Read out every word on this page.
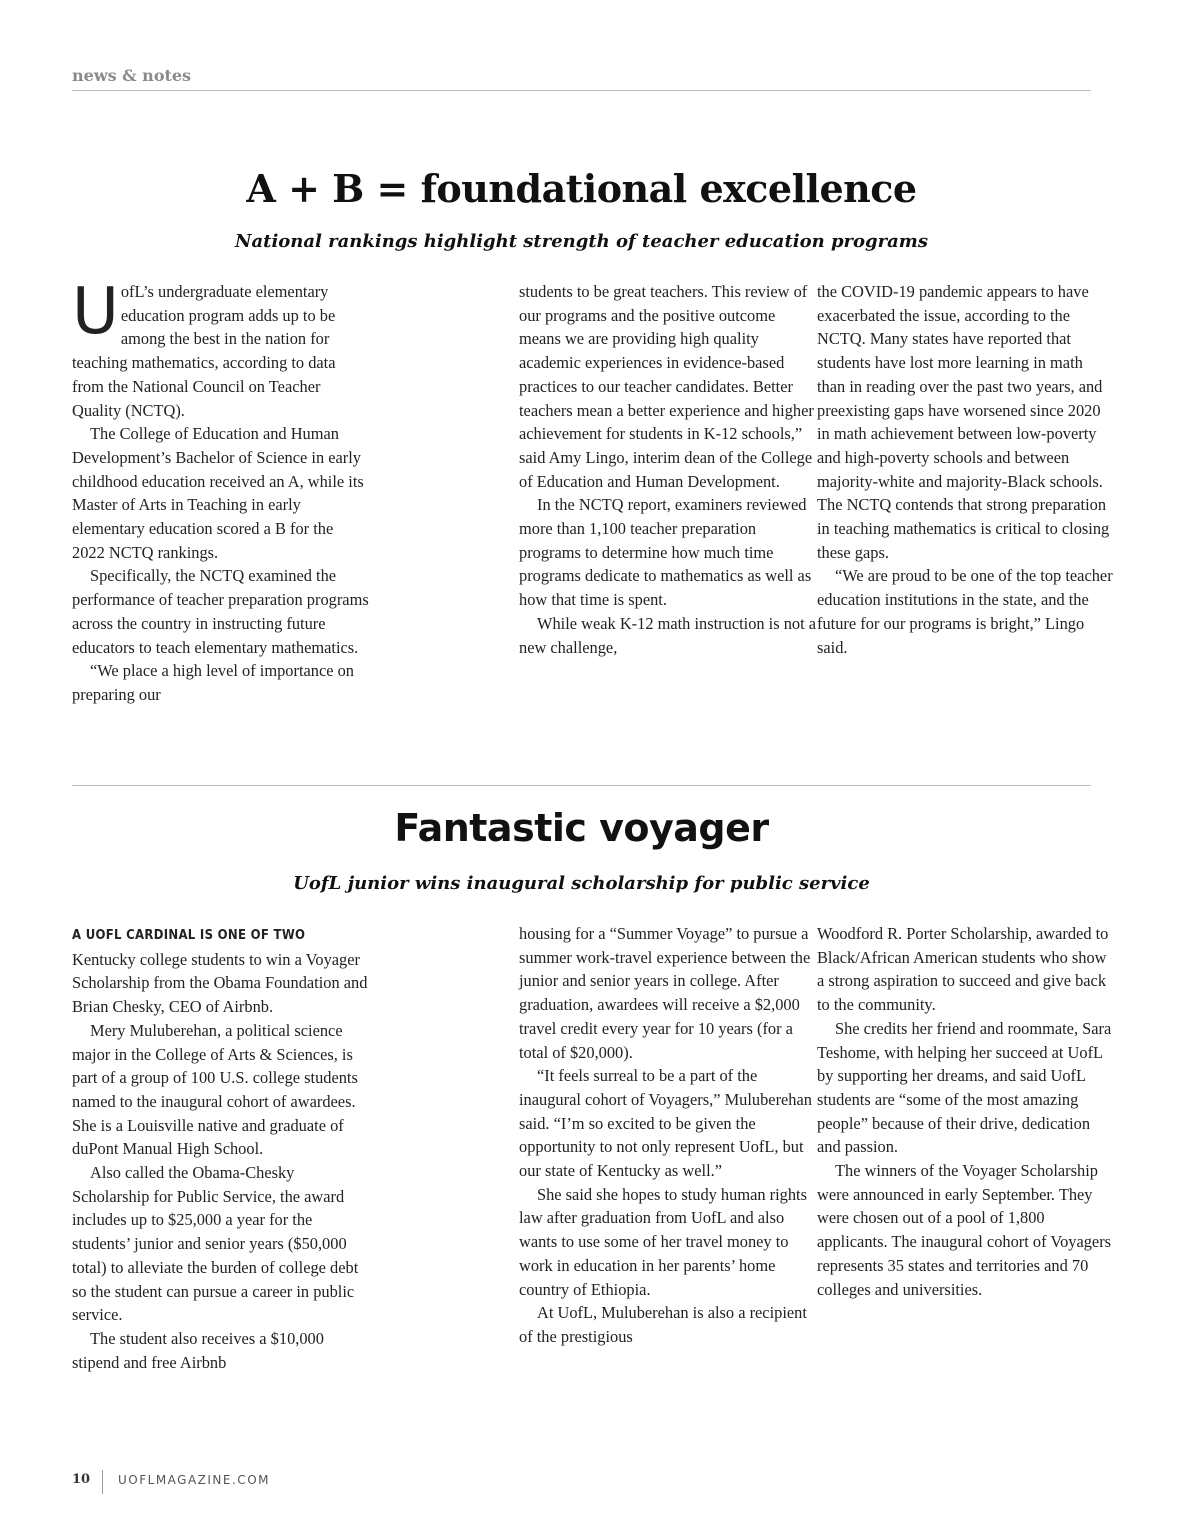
news & notes
A + B = foundational excellence
National rankings highlight strength of teacher education programs

UofL’s undergraduate elementary education program adds up to be among the best in the nation for teaching mathematics, according to data from the National Council on Teacher Quality (NCTQ).

The College of Education and Human Development’s Bachelor of Science in early childhood education received an A, while its Master of Arts in Teaching in early elementary education scored a B for the 2022 NCTQ rankings.

Specifically, the NCTQ examined the performance of teacher preparation programs across the country in instructing future educators to teach elementary mathematics.

“We place a high level of importance on preparing our

students to be great teachers. This review of our programs and the positive outcome means we are providing high quality academic experiences in evidence-based practices to our teacher candidates. Better teachers mean a better experience and higher achievement for students in K-12 schools,” said Amy Lingo, interim dean of the College of Education and Human Development.

In the NCTQ report, examiners reviewed more than 1,100 teacher preparation programs to determine how much time programs dedicate to mathematics as well as how that time is spent.

While weak K-12 math instruction is not a new challenge,

the COVID-19 pandemic appears to have exacerbated the issue, according to the NCTQ. Many states have reported that students have lost more learning in math than in reading over the past two years, and preexisting gaps have worsened since 2020 in math achievement between low-poverty and high-poverty schools and between majority-white and majority-Black schools. The NCTQ contends that strong preparation in teaching mathematics is critical to closing these gaps.

“We are proud to be one of the top teacher education institutions in the state, and the future for our programs is bright,” Lingo said.

Fantastic voyager
UofL junior wins inaugural scholarship for public service

A UOFL CARDINAL IS ONE OF TWO
Kentucky college students to win a Voyager Scholarship from the Obama Foundation and Brian Chesky, CEO of Airbnb.

Mery Muluberehan, a political science major in the College of Arts & Sciences, is part of a group of 100 U.S. college students named to the inaugural cohort of awardees. She is a Louisville native and graduate of duPont Manual High School.

Also called the Obama-Chesky Scholarship for Public Service, the award includes up to $25,000 a year for the students’ junior and senior years ($50,000 total) to alleviate the burden of college debt so the student can pursue a career in public service.

The student also receives a $10,000 stipend and free Airbnb

housing for a “Summer Voyage” to pursue a summer work-travel experience between the junior and senior years in college. After graduation, awardees will receive a $2,000 travel credit every year for 10 years (for a total of $20,000).

“It feels surreal to be a part of the inaugural cohort of Voyagers,” Muluberehan said. “I’m so excited to be given the opportunity to not only represent UofL, but our state of Kentucky as well.”

She said she hopes to study human rights law after graduation from UofL and also wants to use some of her travel money to work in education in her parents’ home country of Ethiopia.

At UofL, Muluberehan is also a recipient of the prestigious

Woodford R. Porter Scholarship, awarded to Black/African American students who show a strong aspiration to succeed and give back to the community.

She credits her friend and roommate, Sara Teshome, with helping her succeed at UofL by supporting her dreams, and said UofL students are “some of the most amazing people” because of their drive, dedication and passion.

The winners of the Voyager Scholarship were announced in early September. They were chosen out of a pool of 1,800 applicants. The inaugural cohort of Voyagers represents 35 states and territories and 70 colleges and universities.

10 UOFLMAGAZINE.COM
